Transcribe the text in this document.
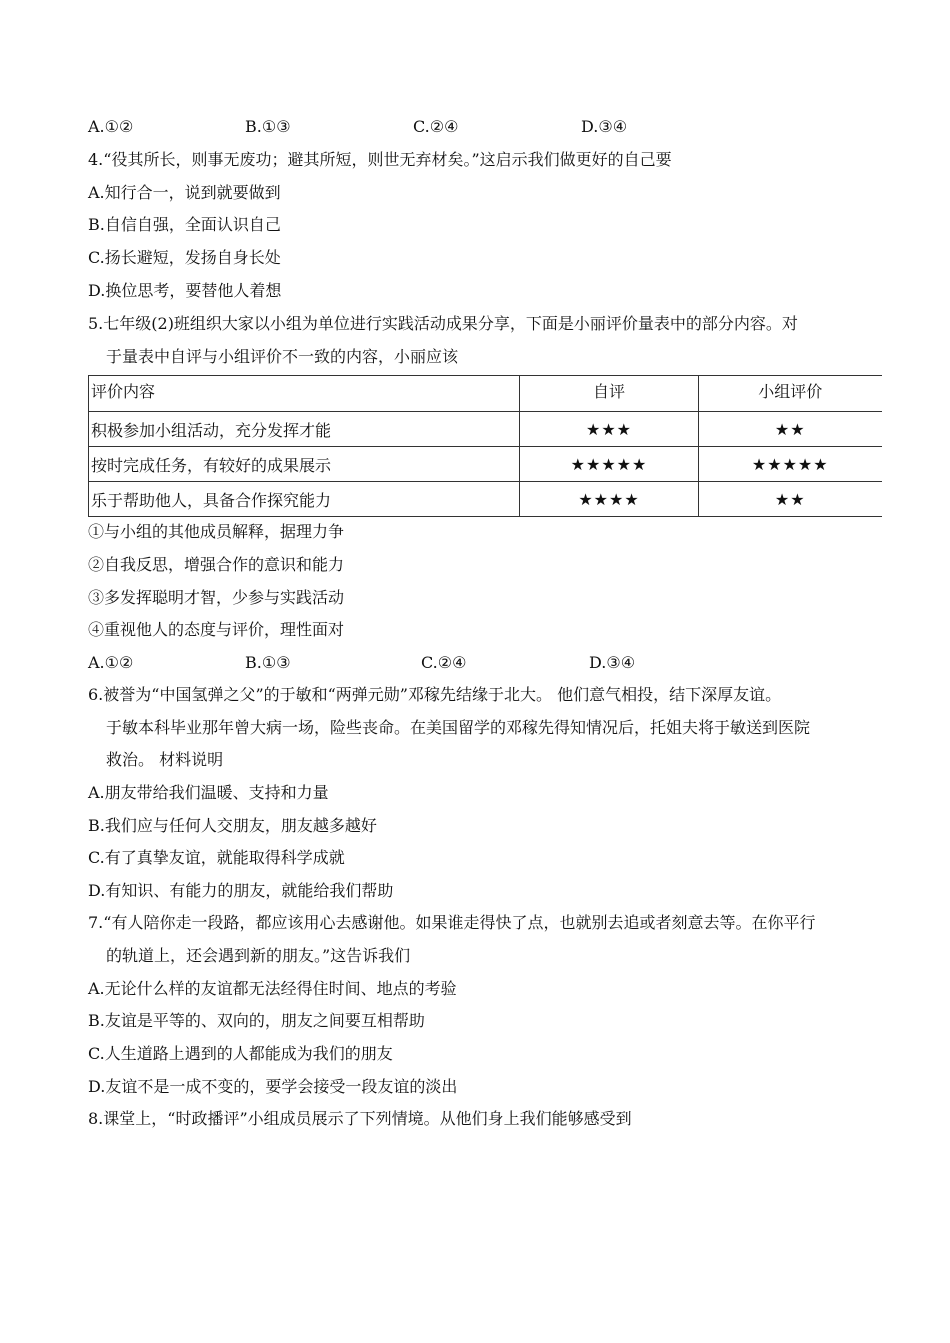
A.①②	B.①③	C.②④	D.③④
4.“役其所长，则事无废功；避其所短，则世无弃材矣。”这启示我们做更好的自己要
A.知行合一，说到就要做到
B.自信自强，全面认识自己
C.扬长避短，发扬自身长处
D.换位思考，要替他人着想
5.七年级(2)班组织大家以小组为单位进行实践活动成果分享，下面是小丽评价量表中的部分内容。对
于量表中自评与小组评价不一致的内容，小丽应该
评价内容	自评	小组评价
积极参加小组活动，充分发挥才能	★★★	★★
按时完成任务，有较好的成果展示	★★★★★	★★★★★
乐于帮助他人，具备合作探究能力	★★★★	★★
①与小组的其他成员解释，据理力争
②自我反思，增强合作的意识和能力
③多发挥聪明才智，少参与实践活动
④重视他人的态度与评价，理性面对
A.①②	B.①③	C.②④	D.③④
6.被誉为“中国氢弹之父”的于敏和“两弹元勋”邓稼先结缘于北大。 他们意气相投，结下深厚友谊。
于敏本科毕业那年曾大病一场，险些丧命。在美国留学的邓稼先得知情况后，托姐夫将于敏送到医院
救治。 材料说明
A.朋友带给我们温暖、支持和力量
B.我们应与任何人交朋友，朋友越多越好
C.有了真挚友谊，就能取得科学成就
D.有知识、有能力的朋友，就能给我们帮助
7.“有人陪你走一段路，都应该用心去感谢他。如果谁走得快了点，也就别去追或者刻意去等。在你平行
的轨道上，还会遇到新的朋友。”这告诉我们
A.无论什么样的友谊都无法经得住时间、地点的考验
B.友谊是平等的、双向的，朋友之间要互相帮助
C.人生道路上遇到的人都能成为我们的朋友
D.友谊不是一成不变的，要学会接受一段友谊的淡出
8.课堂上，“时政播评”小组成员展示了下列情境。从他们身上我们能够感受到
